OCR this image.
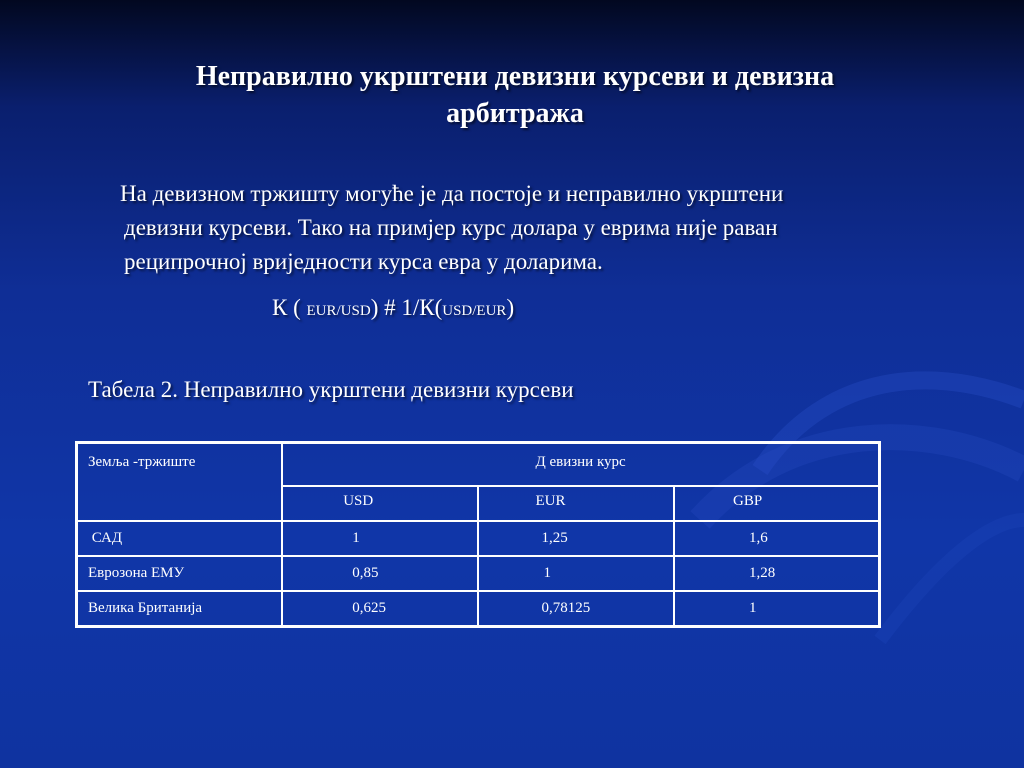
Неправилно укрштени девизни курсеви и девизна
арбитража
На девизном тржишту могуће је да постоје и неправилно укрштени
девизни курсеви. Тако на примјер курс долара у еврима није раван
реципрочној вриједности курса евра у доларима.
К ( EUR/USD) # 1/К(USD/EUR)
Табела 2. Неправилно укрштени девизни курсеви
Земља -тржиште	Д евизни курс		

	USD	EUR	GBP

САД	1	1,25	1,6

Еврозона ЕМУ	0,85	1	1,28

Велика Британија	0,625	0,78125	1
